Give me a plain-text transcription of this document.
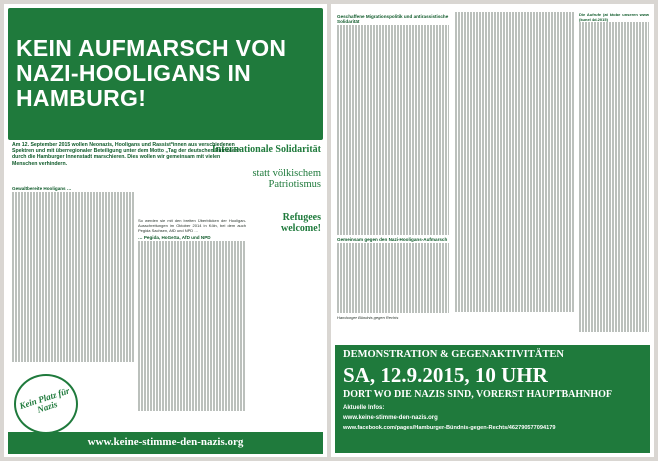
KEIN AUFMARSCH VON NAZI-HOOLIGANS IN HAMBURG!
Internationale Solidarität
statt völkischem Patriotismus
Refugees welcome!
Am 12. September 2015 wollen Neonazis, Hooligans und Rassist*innen aus verschiedenen Spektren und mit überregionaler Beteiligung unter dem Motto „Tag der deutschen Patrioten“ durch die Hamburger Innenstadt marschieren. Dies wollen wir gemeinsam mit vielen Menschen verhindern.
Gewaltbereite Hooligans …
So werden sie mit den breiten Überblicken der Hooligan-Ausschreitungen im Oktober 2014 in Köln, bei dem auch Pegida Sachsen, AfD und NPD …
… Pegida, HoGeSa, AfD und NPD
Kein Platz für Nazis
www.keine-stimme-den-nazis.org
Geschaffene Migrationspolitik und antirassistische Solidarität
Gemeinsam gegen den Nazi-Hooligans-Aufmarsch
Hamburger Bündnis gegen Rechts
Die Aufrufe (at ktobe unseren www (kunel 4d.2015)
DEMONSTRATION & GEGENAKTIVITÄTEN
SA, 12.9.2015, 10 UHR
DORT WO DIE NAZIS SIND, VORERST HAUPTBAHNHOF
Aktuelle Infos:
www.keine-stimme-den-nazis.org
www.facebook.com/pages/Hamburger-Bündnis-gegen-Rechts/462790577094179
